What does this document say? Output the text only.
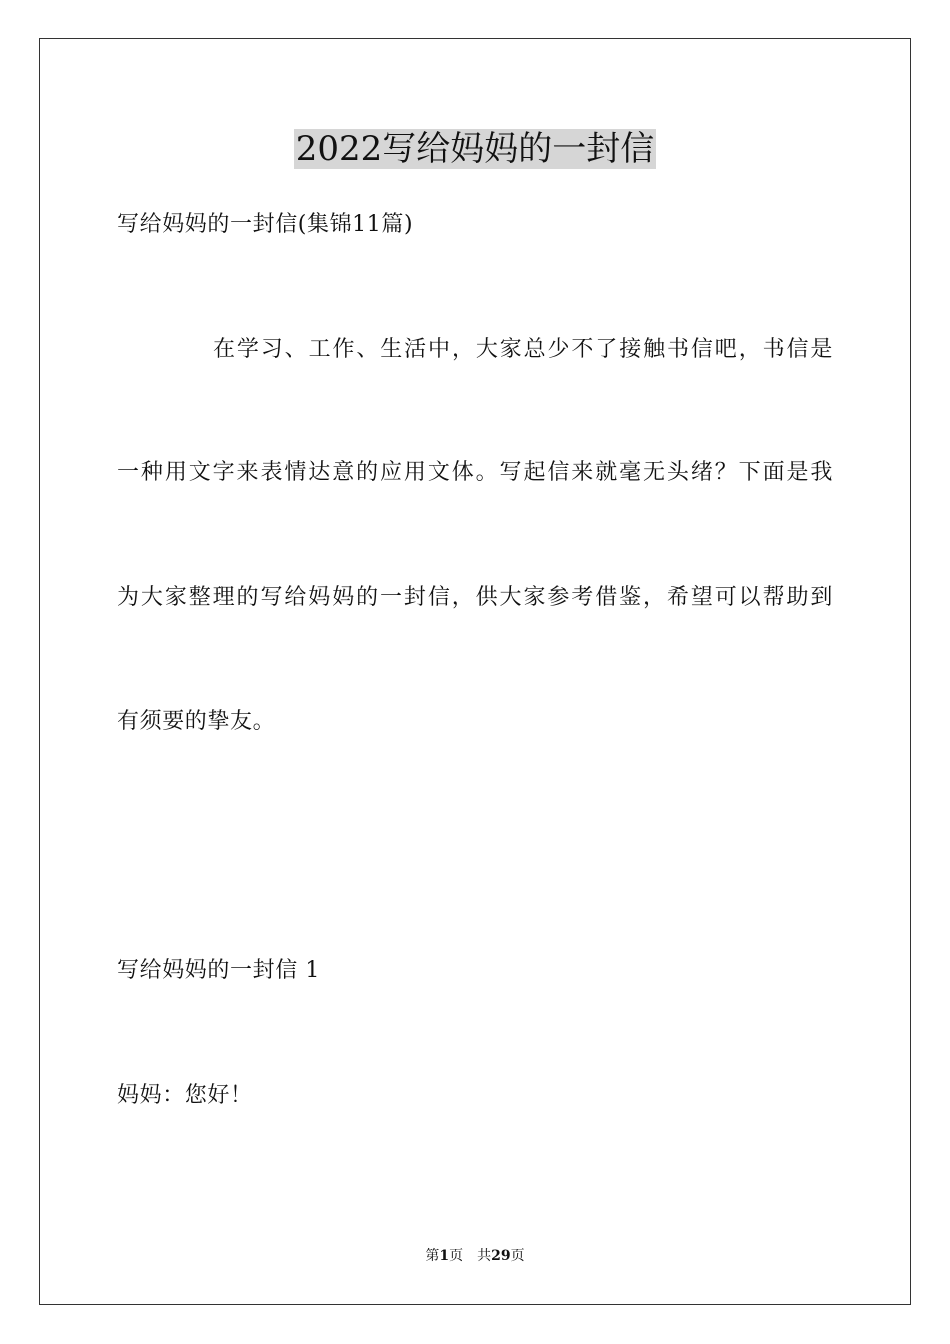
2022写给妈妈的一封信
写给妈妈的一封信(集锦11篇)
在学习、工作、生活中，大家总少不了接触书信吧，书信是
一种用文字来表情达意的应用文体。写起信来就毫无头绪？下面是我
为大家整理的写给妈妈的一封信，供大家参考借鉴，希望可以帮助到
有须要的挚友。
写给妈妈的一封信 1
妈妈：您好！
第1页 共29页
